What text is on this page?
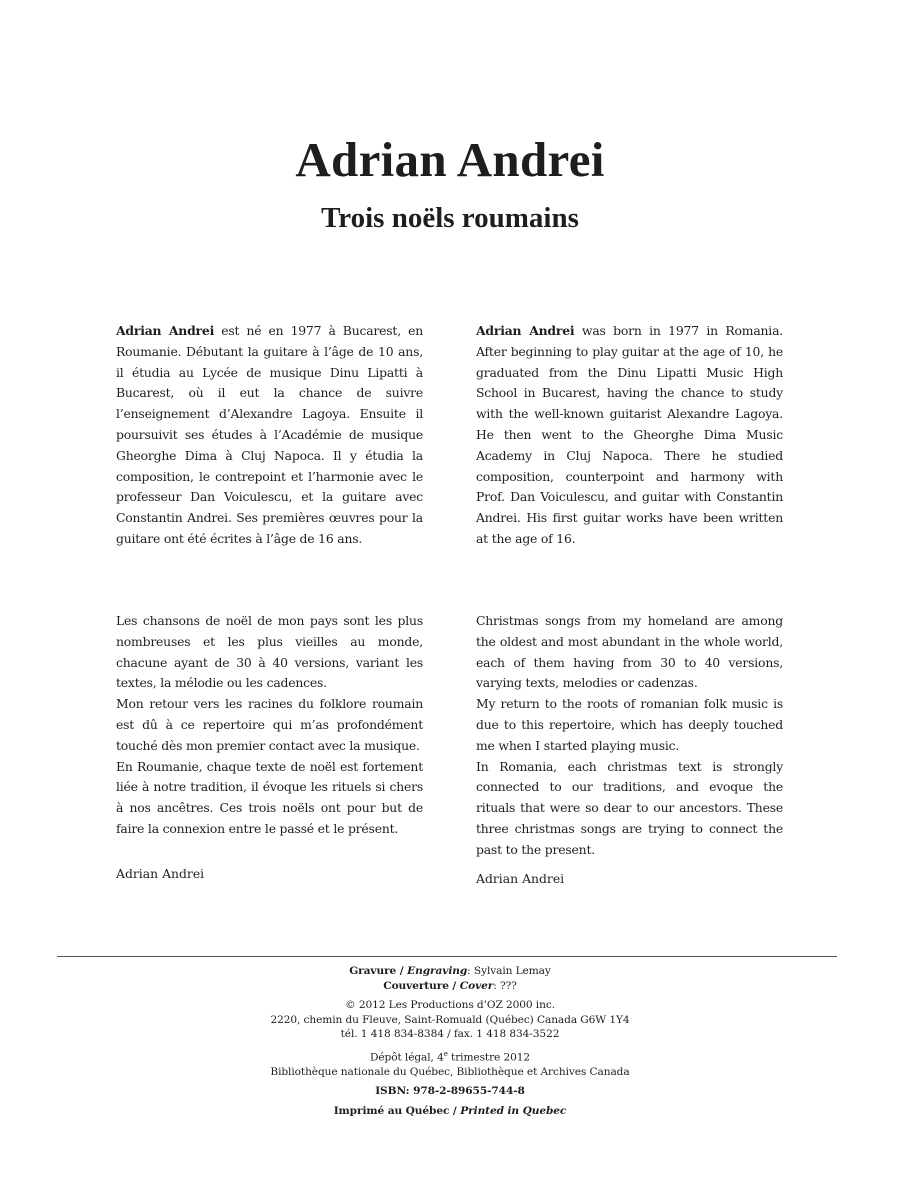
Adrian Andrei
Trois noëls roumains

Adrian Andrei est né en 1977 à Bucarest, en Roumanie. Débutant la guitare à l’âge de 10 ans, il étudia au Lycée de musique Dinu Lipatti à Bucarest, où il eut la chance de suivre l’enseignement d’Alexandre Lagoya. Ensuite il poursuivit ses études à l’Académie de musique Gheorghe Dima à Cluj Napoca. Il y étudia la composition, le contrepoint et l’harmonie avec le professeur Dan Voiculescu, et la guitare avec Constantin Andrei. Ses premières œuvres pour la guitare ont été écrites à l’âge de 16 ans.

Adrian Andrei was born in 1977 in Romania. After beginning to play guitar at the age of 10, he graduated from the Dinu Lipatti Music High School in Bucarest, having the chance to study with the well-known guitarist Alexandre Lagoya. He then went to the Gheorghe Dima Music Academy in Cluj Napoca. There he studied composition, counterpoint and harmony with Prof. Dan Voiculescu, and guitar with Constantin Andrei. His first guitar works have been written at the age of 16.

Les chansons de noël de mon pays sont les plus nombreuses et les plus vieilles au monde, chacune ayant de 30 à 40 versions, variant les textes, la mélodie ou les cadences.

Mon retour vers les racines du folklore roumain est dû à ce repertoire qui m’as profondément touché dès mon premier contact avec la musique.

En Roumanie, chaque texte de noël est fortement liée à notre tradition, il évoque les rituels si chers à nos ancêtres. Ces trois noëls ont pour but de faire la connexion entre le passé et le présent.

Adrian Andrei

Christmas songs from my homeland are among the oldest and most abundant in the whole world, each of them having from 30 to 40 versions, varying texts, melodies or cadenzas.

My return to the roots of romanian folk music is due to this repertoire, which has deeply touched me when I started playing music.

In Romania, each christmas text is strongly connected to our traditions, and evoque the rituals that were so dear to our ancestors. These three christmas songs are trying to connect the past to the present.

Adrian Andrei
Gravure / Engraving: Sylvain Lemay
Couverture / Cover: ???
© 2012 Les Productions d’OZ 2000 inc.
2220, chemin du Fleuve, Saint-Romuald (Québec) Canada G6W 1Y4
tél. 1 418 834-8384 / fax. 1 418 834-3522
Dépôt légal, 4e trimestre 2012
Bibliothèque nationale du Québec, Bibliothèque et Archives Canada
ISBN: 978-2-89655-744-8
Imprimé au Québec / Printed in Quebec
